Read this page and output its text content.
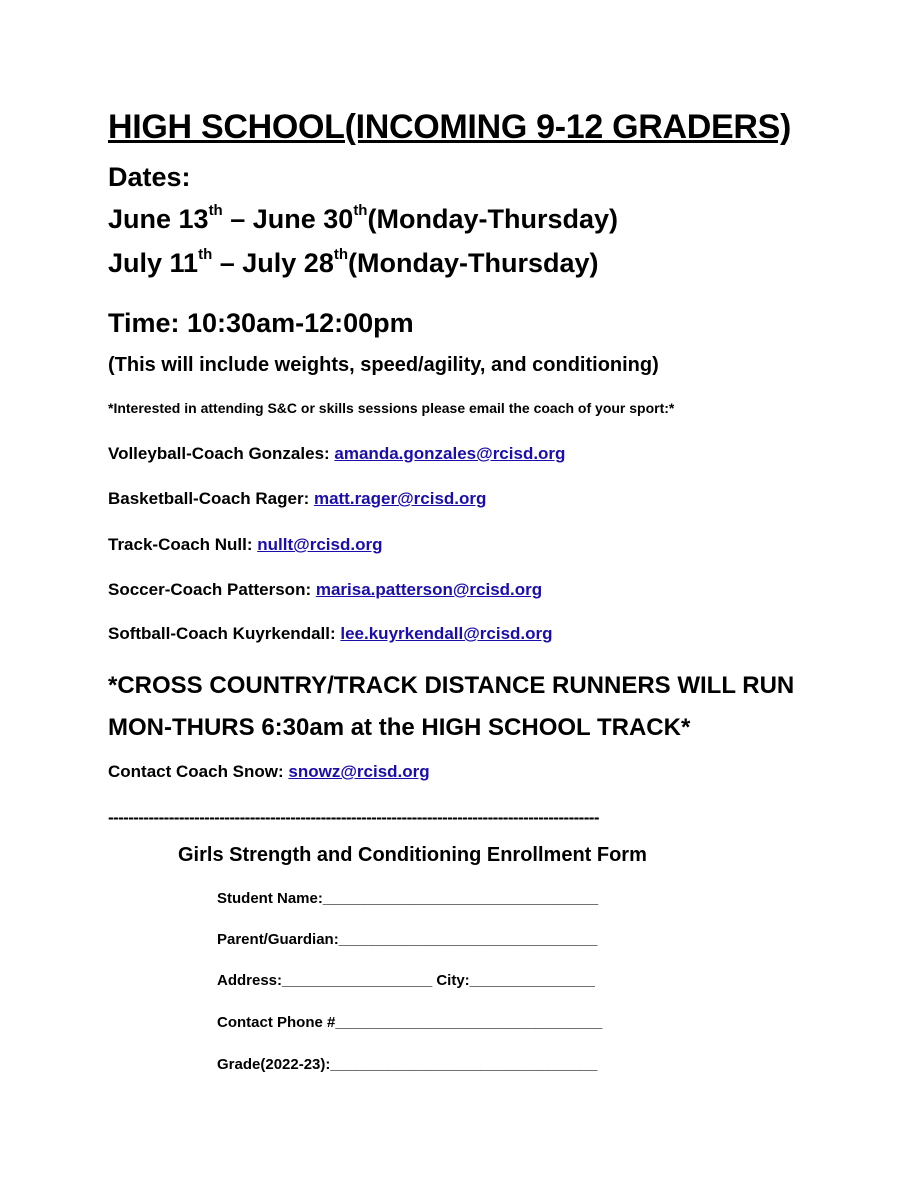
HIGH SCHOOL(INCOMING 9-12 GRADERS)
Dates:
June 13th – June 30th(Monday-Thursday)
July 11th – July 28th(Monday-Thursday)
Time: 10:30am-12:00pm
(This will include weights, speed/agility, and conditioning)
*Interested in attending S&C or skills sessions please email the coach of your sport:*
Volleyball-Coach Gonzales: amanda.gonzales@rcisd.org
Basketball-Coach Rager: matt.rager@rcisd.org
Track-Coach Null: nullt@rcisd.org
Soccer-Coach Patterson: marisa.patterson@rcisd.org
Softball-Coach Kuyrkendall: lee.kuyrkendall@rcisd.org
*CROSS COUNTRY/TRACK DISTANCE RUNNERS WILL RUN
MON-THURS 6:30am at the HIGH SCHOOL TRACK*
Contact Coach Snow: snowz@rcisd.org
-------------------------------------------------------------------------------------------------
Girls Strength and Conditioning Enrollment Form
Student Name:_________________________________
Parent/Guardian:_______________________________
Address:__________________ City:_______________
Contact Phone #________________________________
Grade(2022-23):________________________________
